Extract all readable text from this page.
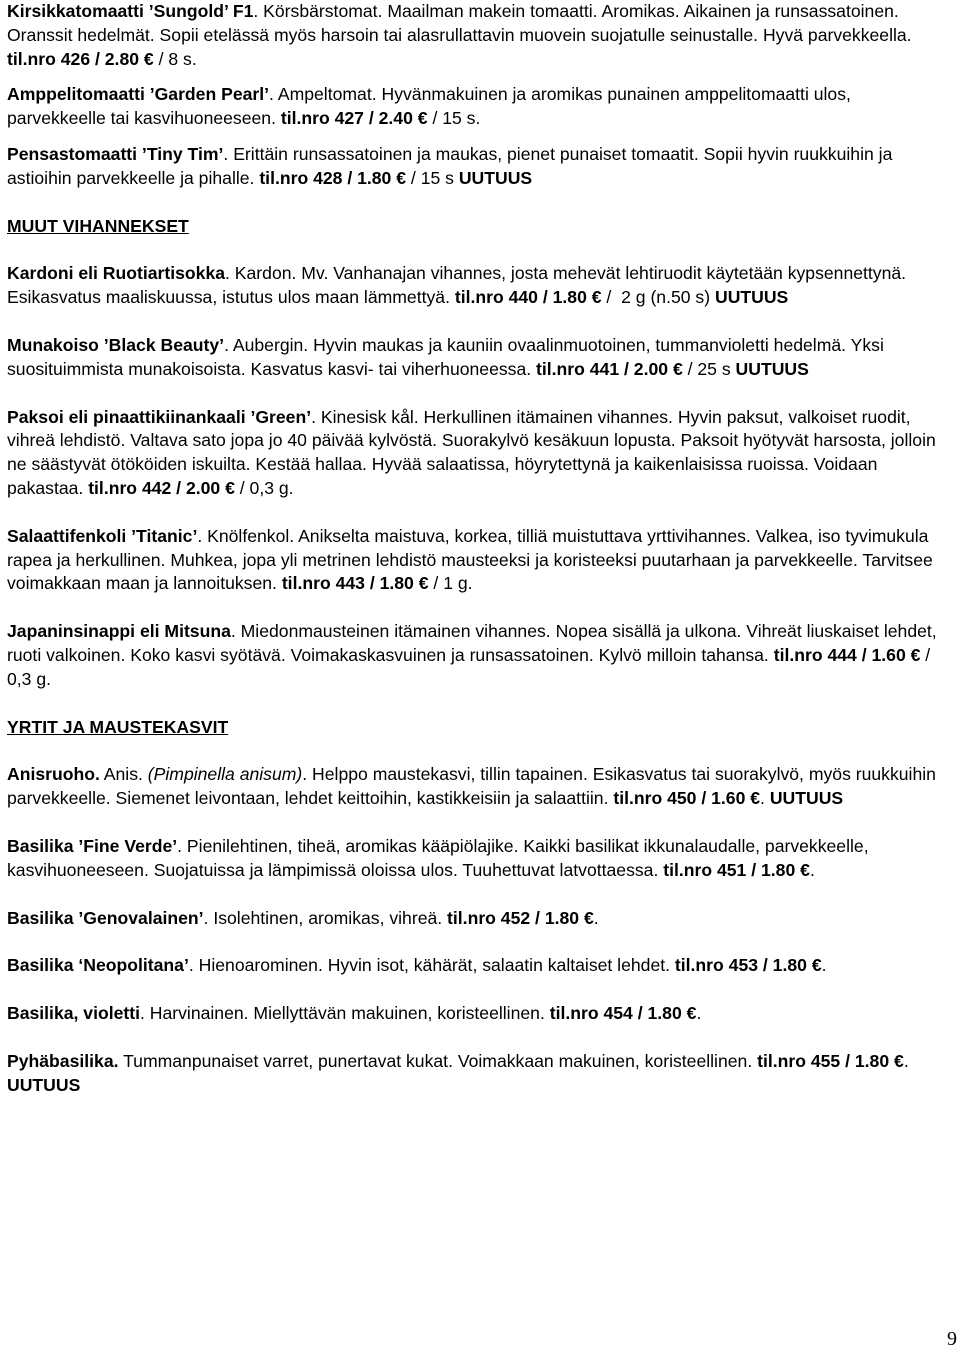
Kirsikkatomaatti ’Sungold’ F1. Körsbärstomat. Maailman makein tomaatti. Aromikas. Aikainen ja runsassatoinen. Oranssit hedelmät. Sopii etelässä myös harsoin tai alasrullattavin muovein suojatulle seinustalle. Hyvä parvekkeella. til.nro 426 / 2.80 € / 8 s.

Amppelitomaatti ’Garden Pearl’. Ampeltomat. Hyvänmakuinen ja aromikas punainen amppelitomaatti ulos, parvekkeelle tai kasvihuoneeseen. til.nro 427 / 2.40 € / 15 s.

Pensastomaatti ’Tiny Tim’. Erittäin runsassatoinen ja maukas, pienet punaiset tomaatit. Sopii hyvin ruukkuihin ja astioihin parvekkeelle ja pihalle. til.nro 428 / 1.80 € / 15 s UUTUUS

MUUT VIHANNEKSET

Kardoni eli Ruotiartisokka. Kardon. Mv. Vanhanajan vihannes, josta mehevät lehtiruodit käytetään kypsennettynä. Esikasvatus maaliskuussa, istutus ulos maan lämmettyä. til.nro 440 / 1.80 € /  2 g (n.50 s) UUTUUS

Munakoiso ’Black Beauty’. Aubergin. Hyvin maukas ja kauniin ovaalinmuotoinen, tummanvioletti hedelmä. Yksi suosituimmista munakoisoista. Kasvatus kasvi- tai viherhuoneessa. til.nro 441 / 2.00 € / 25 s UUTUUS

Paksoi eli pinaattikiinankaali ’Green’. Kinesisk kål. Herkullinen itämainen vihannes. Hyvin paksut, valkoiset ruodit, vihreä lehdistö. Valtava sato jopa jo 40 päivää kylvöstä. Suorakylvö kesäkuun lopusta. Paksoit hyötyvät harsosta, jolloin ne säästyvät ötököiden iskuilta. Kestää hallaa. Hyvää salaatissa, höyrytettynä ja kaikenlaisissa ruoissa. Voidaan pakastaa. til.nro 442 / 2.00 € / 0,3 g.

Salaattifenkoli ’Titanic’. Knölfenkol. Anikselta maistuva, korkea, tilliä muistuttava yrttivihannes. Valkea, iso tyvimukula  rapea ja herkullinen. Muhkea, jopa yli metrinen lehdistö mausteeksi ja koristeeksi puutarhaan ja parvekkeelle. Tarvitsee voimakkaan maan ja lannoituksen. til.nro 443 / 1.80 € / 1 g.

Japaninsinappi eli Mitsuna. Miedonmausteinen itämainen vihannes. Nopea sisällä ja ulkona. Vihreät liuskaiset lehdet, ruoti valkoinen. Koko kasvi syötävä. Voimakaskasvuinen ja runsassatoinen. Kylvö milloin tahansa. til.nro 444 / 1.60 € / 0,3 g.

YRTIT JA MAUSTEKASVIT

Anisruoho. Anis. (Pimpinella anisum). Helppo maustekasvi, tillin tapainen. Esikasvatus tai suorakylvö, myös ruukkuihin parvekkeelle. Siemenet leivontaan, lehdet keittoihin, kastikkeisiin ja salaattiin. til.nro 450 / 1.60 €. UUTUUS

Basilika ’Fine Verde’. Pienilehtinen, tiheä, aromikas kääpiölajike. Kaikki basilikat ikkunalaudalle, parvekkeelle, kasvihuoneeseen. Suojatuissa ja lämpimissä oloissa ulos. Tuuhettuvat latvottaessa. til.nro 451 / 1.80 €.

Basilika ’Genovalainen’. Isolehtinen, aromikas, vihreä. til.nro 452 / 1.80 €.

Basilika ‘Neopolitana’. Hienoarominen. Hyvin isot, kähärät, salaatin kaltaiset lehdet. til.nro 453 / 1.80 €.

Basilika, violetti. Harvinainen. Miellyttävän makuinen, koristeellinen. til.nro 454 / 1.80 €.

Pyhäbasilika. Tummanpunaiset varret, punertavat kukat. Voimakkaan makuinen, koristeellinen. til.nro 455 / 1.80 €. UUTUUS

9
